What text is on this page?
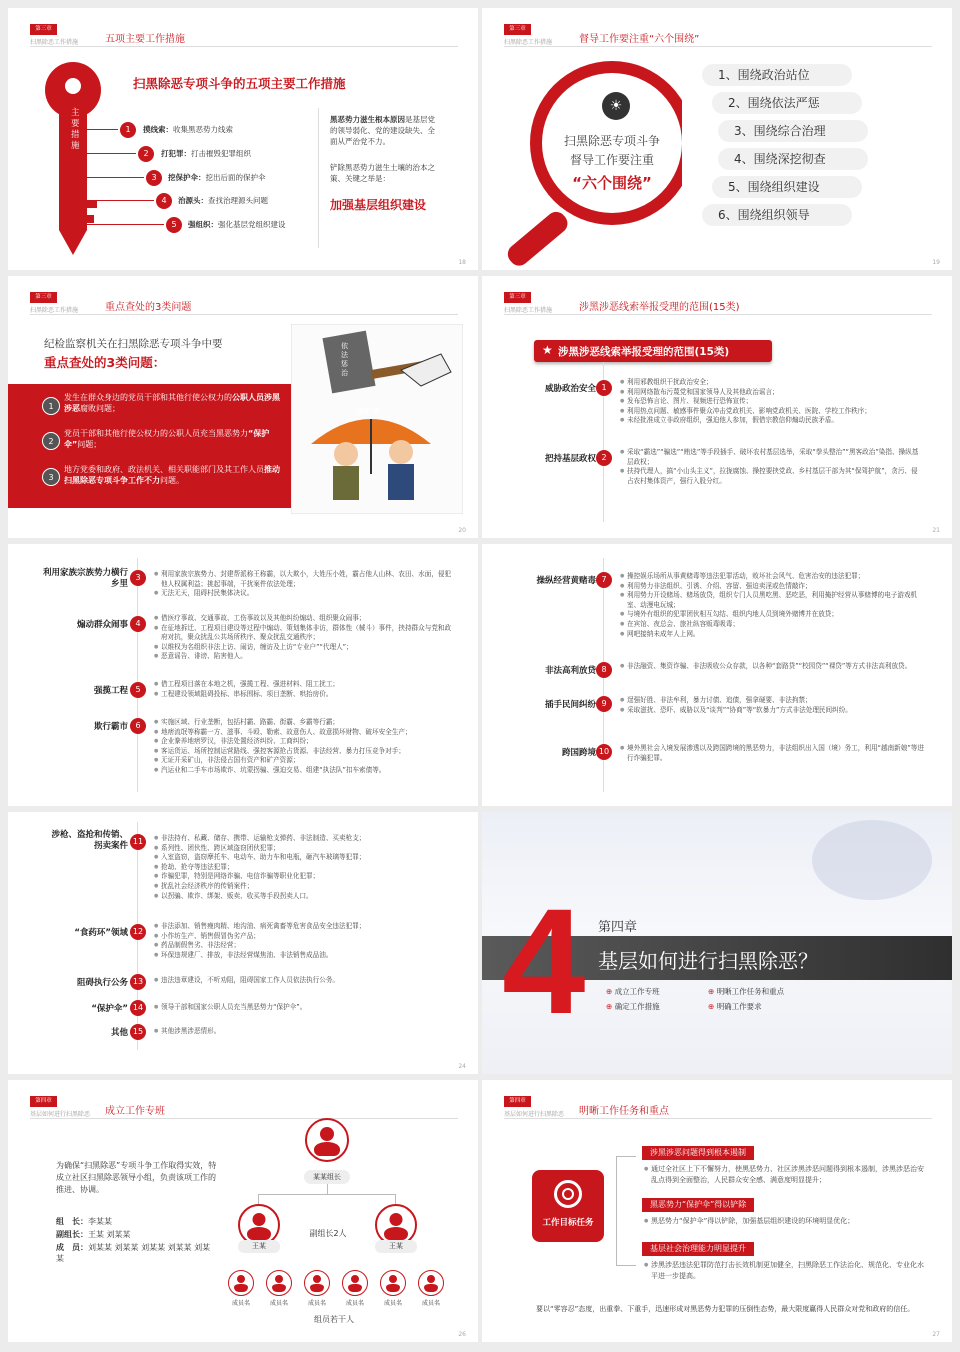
第三章
扫黑除恶工作措施	五项主要工作措施
主要措施
扫黑除恶专项斗争的五项主要工作措施
1	摸线索：收集黑恶势力线索
2	打犯罪：打击摧毁犯罪组织
3	挖保护伞：挖出后面的保护伞
4	治源头：查找治理源头问题
5	强组织：强化基层党组织建设
黑恶势力滋生根本原因是基层党的领导弱化、党的建设缺失、全面从严治党不力。
铲除黑恶势力滋生土壤的治本之策、关键之举是：
加强基层组织建设
18
第三章
扫黑除恶工作措施	督导工作要注重“六个围绕”
☀
扫黑除恶专项斗争
督导工作要注重
“六个围绕”
1、围绕政治站位
2、围绕依法严惩
3、围绕综合治理
4、围绕深挖彻查
5、围绕组织建设
6、围绕组织领导
19
第三章
扫黑除恶工作措施	重点查处的3类问题
纪检监察机关在扫黑除恶专项斗争中要
重点查处的3类问题：
1
发生在群众身边的党员干部和其他行使公权力的公职人员涉黑涉恶腐败问题；
2
党员干部和其他行使公权力的公职人员充当黑恶势力“保护伞”问题；
3
地方党委和政府、政法机关、相关职能部门及其工作人员推动扫黑除恶专项斗争工作不力问题。
依法惩治
保护伞
20
第三章
扫黑除恶工作措施	涉黑涉恶线索举报受理的范围(15类)
★ 涉黑涉恶线索举报受理的范围(15类)
威胁政治安全 1
● 利用邪教组织干扰政治安全；
● 利用网络散布污蔑党和国家领导人及其他政治谣言；
● 发布恐怖言论、图片、视频进行恐怖宣传；
● 利用热点问题、敏感事件聚众冲击党政机关、影响党政机关、医院、学校工作秩序；
● 未经批准成立非政府组织，强迫他人参加，假借宗教信仰煽动民族矛盾。
把持基层政权 2
● 采取“霸选”“骗选”“贿选”等手段插手、破坏农村基层选举，采取“拳头整治”“黑客政治”染指、操纵基层政权；
● 扶持代理人，搞“小山头主义”，拉拢腐蚀、操控要挟党政、乡村基层干部为其“保驾护航”，贪污、侵占农村集体资产，强行入股分红。
21
利用家族宗族势力横行乡里
3	● 利用家族宗族势力、封建帮派称王称霸，以大欺小，大姓压小姓，霸占他人山林、农田、水面，侵犯他人权属利益；挑起事端，干扰案件依法处理；
● 无法无天，阻碍村民集体决议。
煽动群众闹事 4
● 借医疗事故、交通事故、工伤事故以及其他纠纷煽动、组织聚众闹事；
● 在征地拆迁、工程项目建设等过程中煽动、策划集体非访，群体性（械斗）事件，挟持群众与党和政府对抗，聚众扰乱公共场所秩序、聚众扰乱交通秩序；
● 以维权为名组织非法上访、闹访，缠访及上访“专业户”“代理人”；
● 恶意谣告、诽谤、陷害他人。
强揽工程 5
● 借工程项目落在本地之机，强揽工程、强进材料、阻工扰工；
● 工程建设领域阻碍投标、串标围标、项目垄断、哄抬房价。
欺行霸市 6	● 实施区域、行业垄断，包括村霸、路霸、街霸、乡霸等行霸；
● 地痞流氓等称霸一方、滋事、斗殴、勒索、故意伤人、故意损坏财物、破坏安全生产；
● 企业豢养地痞罗汉，非法处置经济纠纷、工商纠纷；
● 客运货运、场所控制运营路线、强控客源抢占货源、非法经营、暴力打压竞争对手；
● 无证开采矿山，非法侵占国有资产和矿产资源；
● 汽运业和二手车市场欺诈、坑蒙拐骗、强迫交易、组建“执法队”扣车索债等。
操纵经营黄赌毒 7	● 操控娱乐场所从事黄赌毒等违法犯罪活动，败坏社会风气、危害治安的违法犯罪；
● 利用势力非法组织、引诱、介绍、容留、强迫卖淫或色情敲诈；
● 利用势力开设赌场、赌场放贷，组织专门人员黑吃黑、恶吃恶，利用掩护经营从事赌博的电子游戏机室、动漫电玩城；
● 与境外有组织的犯罪团伙相互勾结、组织内地人员到境外赌博并在放贷；
● 在宾馆、夜总会、旅社纵容贩毒吸毒；
● 网吧接纳未成年人上网。
非法高利放贷 8	● 非法融资、集资诈骗、非法吸收公众存款，以各种“套路贷”“校园贷”“裸贷”等方式非法高利放贷。
插手民间纠纷 9	● 逞强好胜、非法牟利，暴力讨债、追债，强拿硬要、非法拘禁；
● 采取滋扰、恐吓、威胁以及“谈判”“协商”等“软暴力”方式非法处理民间纠纷。
跨国跨境 10	● 境外黑社会入境发展渗透以及跨国跨境的黑恶势力，非法组织出入国（境）务工，利用“越南新娘”等进行诈骗犯罪。
涉枪、盗抢和传销、拐卖案件 11	● 非法持有、私藏、储存、携带、运输枪支弹药、非法制造、买卖枪支；
● 系列性、团伙性、跨区域盗窃团伙犯罪；
● 入室盗窃，盗窃摩托车、电动车、助力车和电瓶，砸汽车玻璃等犯罪；
● 抢劫、抢夺等违法犯罪；
● 诈骗犯罪，特别是网络诈骗、电信诈骗等职业化犯罪；
● 扰乱社会经济秩序的传销案件；
● 以拐骗、欺诈、绑架、贩卖、收买等手段拐卖人口。
“食药环”领域 12
● 非法添加、销售瘦肉精、地沟油、病死禽畜等危害食品安全违法犯罪；
● 小作坊生产、销售假冒伪劣产品；
● 药品制假售劣、非法经营；
● 环保违规建厂、排放，非法经营煤焦油、非法销售成品油。
阻碍执行公务 13	● 违法违章建设，不听劝阻，阻碍国家工作人员依法执行公务。
“保护伞” 14	● 领导干部和国家公职人员充当黑恶势力“保护伞”。
其他 15	● 其他涉黑涉恶情形。
24
4 第四章
基层如何进行扫黑除恶？
⊕ 成立工作专班	⊕ 明晰工作任务和重点
⊕ 确定工作措施	⊕ 明确工作要求
第四章
基层如何进行扫黑除恶 成立工作专班
为确保“扫黑除恶”专项斗争工作取得实效，特成立社区扫黑除恶领导小组，负责该项工作的推进、协调。
组　长：李某某
副组长：王某 刘某某
成　员：刘某某 刘某某 刘某某 刘某某 刘某某
某某组长
王某	王某
副组长2人
成员名	成员名	成员名	成员名	成员名	成员名
组员若干人
26
第四章
基层如何进行扫黑除恶 明晰工作任务和重点
工作目标任务
涉黑涉恶问题得到根本遏制
● 通过全社区上下不懈努力，使黑恶势力、社区涉黑涉恶问题得到根本遏制，涉黑涉恶治安乱点得到全面整治，人民群众安全感、满意度明显提升；
黑恶势力“保护伞”得以铲除
● 黑恶势力“保护伞”得以铲除，加强基层组织建设的环境明显优化；
基层社会治理能力明显提升
● 涉黑涉恶违法犯罪防范打击长效机制更加健全，扫黑除恶工作法治化、规范化、专业化水平进一步提高。
要以“零容忍”态度，出重拳、下重手，迅速形成对黑恶势力犯罪的压倒性态势，最大限度赢得人民群众对党和政府的信任。
27
